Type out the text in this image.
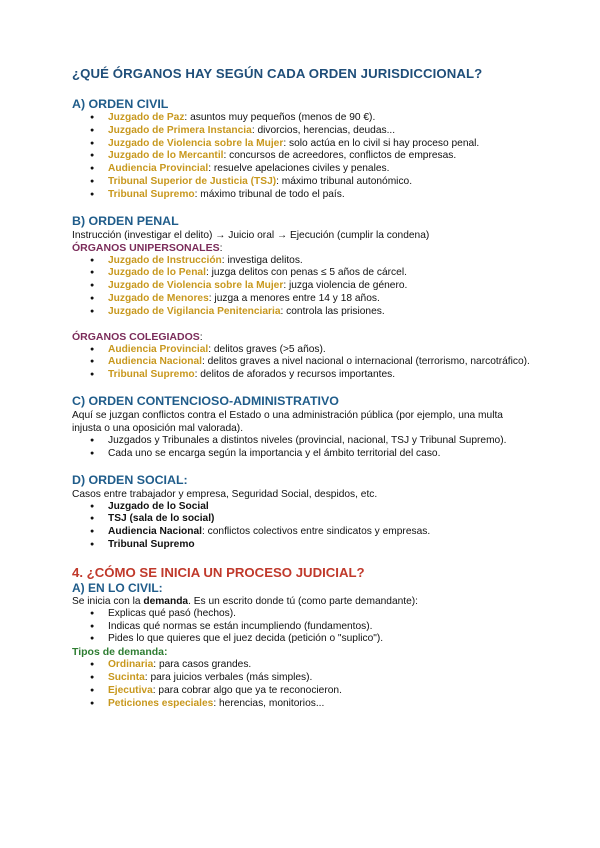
¿QUÉ ÓRGANOS HAY SEGÚN CADA ORDEN JURISDICCIONAL?

A) ORDEN CIVIL

● Juzgado de Paz: asuntos muy pequeños (menos de 90 €).
● Juzgado de Primera Instancia: divorcios, herencias, deudas...
● Juzgado de Violencia sobre la Mujer: solo actúa en lo civil si hay proceso penal.
● Juzgado de lo Mercantil: concursos de acreedores, conflictos de empresas.
● Audiencia Provincial: resuelve apelaciones civiles y penales.
● Tribunal Superior de Justicia (TSJ): máximo tribunal autonómico.
● Tribunal Supremo: máximo tribunal de todo el país.

B) ORDEN PENAL

Instrucción (investigar el delito) → Juicio oral → Ejecución (cumplir la condena)

ÓRGANOS UNIPERSONALES:

● Juzgado de Instrucción: investiga delitos.
● Juzgado de lo Penal: juzga delitos con penas ≤ 5 años de cárcel.
● Juzgado de Violencia sobre la Mujer: juzga violencia de género.
● Juzgado de Menores: juzga a menores entre 14 y 18 años.
● Juzgado de Vigilancia Penitenciaria: controla las prisiones.

ÓRGANOS COLEGIADOS:

● Audiencia Provincial: delitos graves (>5 años).
● Audiencia Nacional: delitos graves a nivel nacional o internacional (terrorismo, narcotráfico).
● Tribunal Supremo: delitos de aforados y recursos importantes.

C) ORDEN CONTENCIOSO-ADMINISTRATIVO

Aquí se juzgan conflictos contra el Estado o una administración pública (por ejemplo, una multa injusta o una oposición mal valorada).

● Juzgados y Tribunales a distintos niveles (provincial, nacional, TSJ y Tribunal Supremo).
● Cada uno se encarga según la importancia y el ámbito territorial del caso.

D) ORDEN SOCIAL:

Casos entre trabajador y empresa, Seguridad Social, despidos, etc.

● Juzgado de lo Social
● TSJ (sala de lo social)
● Audiencia Nacional: conflictos colectivos entre sindicatos y empresas.
● Tribunal Supremo

4. ¿CÓMO SE INICIA UN PROCESO JUDICIAL?

A) EN LO CIVIL:

Se inicia con la demanda. Es un escrito donde tú (como parte demandante):

● Explicas qué pasó (hechos).
● Indicas qué normas se están incumpliendo (fundamentos).
● Pides lo que quieres que el juez decida (petición o "suplico").

Tipos de demanda:

● Ordinaria: para casos grandes.
● Sucinta: para juicios verbales (más simples).
● Ejecutiva: para cobrar algo que ya te reconocieron.
● Peticiones especiales: herencias, monitorios...
